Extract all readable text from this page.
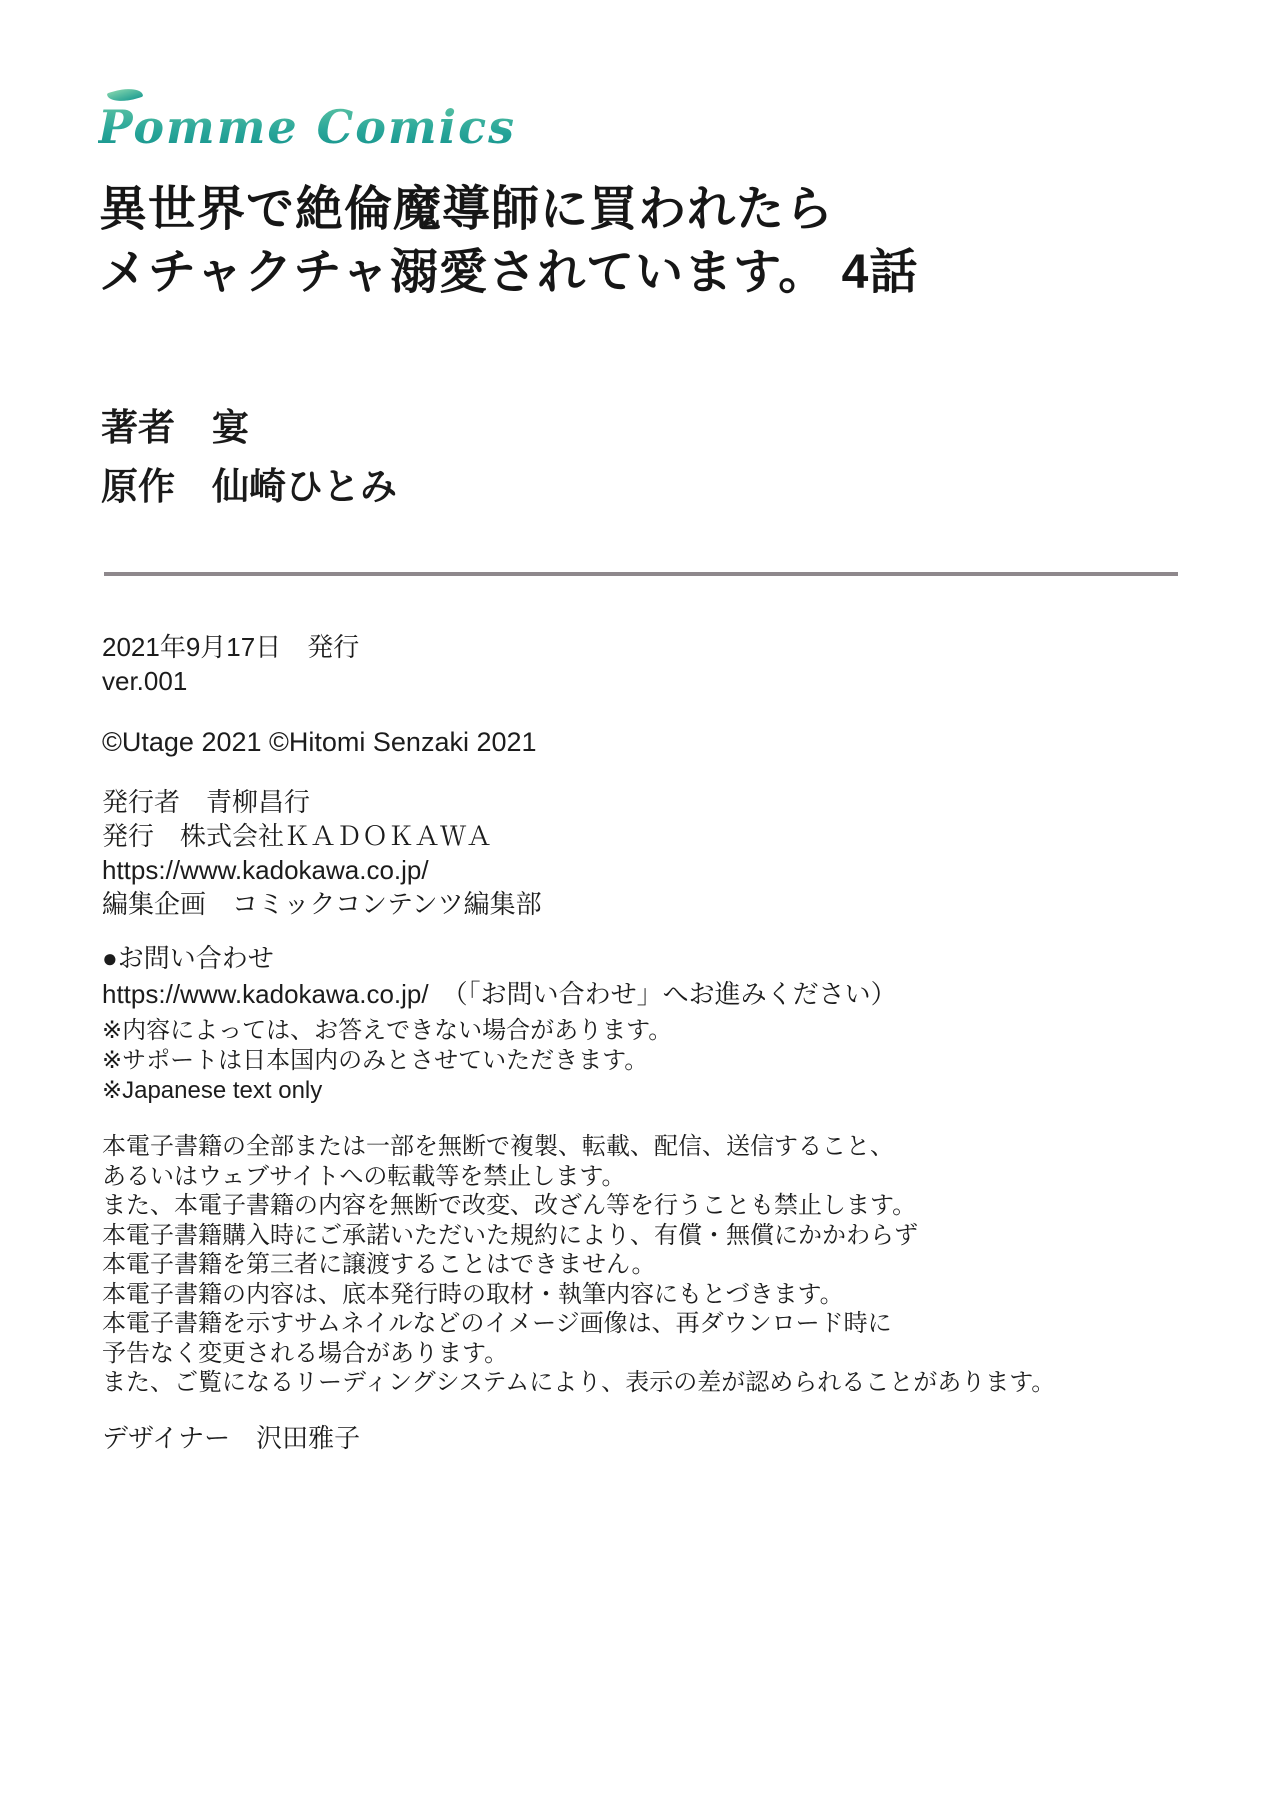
Pomme Comics
異世界で絶倫魔導師に買われたら
メチャクチャ溺愛されています。 4話
著者　宴
原作　仙崎ひとみ
2021年9月17日　発行
ver.001
©Utage 2021 ©Hitomi Senzaki 2021
発行者　青柳昌行
発行　株式会社ＫＡＤＯＫＡＷＡ
https://www.kadokawa.co.jp/
編集企画　コミックコンテンツ編集部
●お問い合わせ
https://www.kadokawa.co.jp/　（「お問い合わせ」へお進みください）
※内容によっては、お答えできない場合があります。
※サポートは日本国内のみとさせていただきます。
※Japanese text only
本電子書籍の全部または一部を無断で複製、転載、配信、送信すること、
あるいはウェブサイトへの転載等を禁止します。
また、本電子書籍の内容を無断で改変、改ざん等を行うことも禁止します。
本電子書籍購入時にご承諾いただいた規約により、有償・無償にかかわらず
本電子書籍を第三者に譲渡することはできません。
本電子書籍の内容は、底本発行時の取材・執筆内容にもとづきます。
本電子書籍を示すサムネイルなどのイメージ画像は、再ダウンロード時に
予告なく変更される場合があります。
また、ご覧になるリーディングシステムにより、表示の差が認められることがあります。
デザイナー　沢田雅子
